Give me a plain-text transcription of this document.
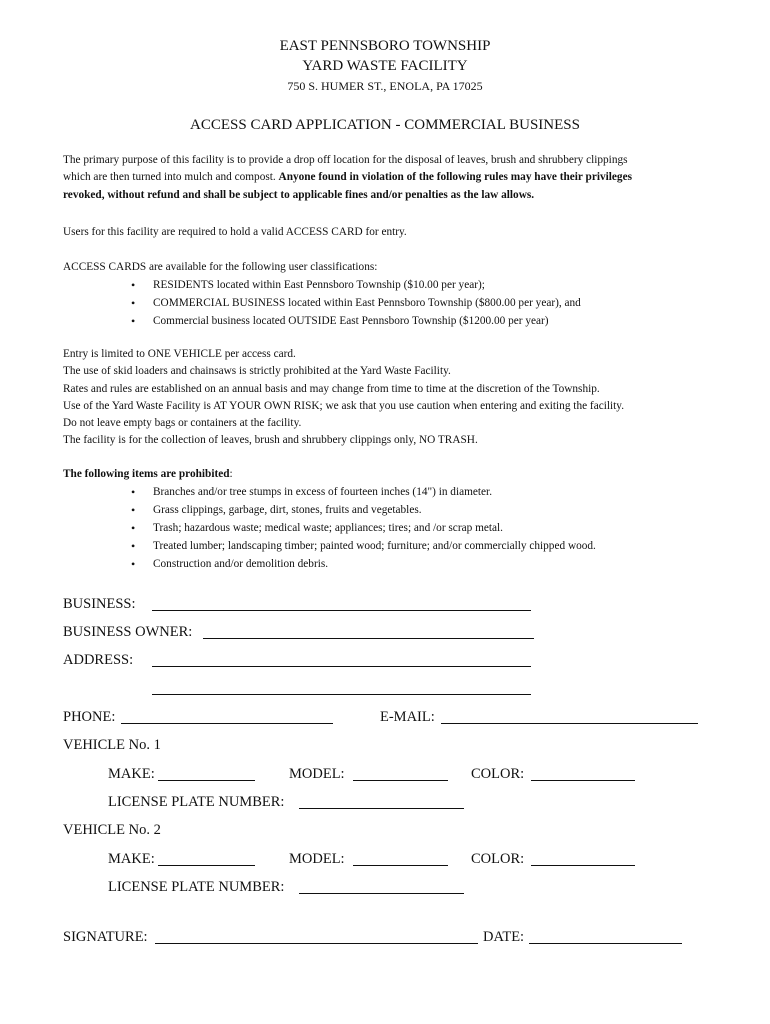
EAST PENNSBORO TOWNSHIP
YARD WASTE FACILITY
750 S. HUMER ST., ENOLA, PA 17025
ACCESS CARD APPLICATION - COMMERCIAL BUSINESS
The primary purpose of this facility is to provide a drop off location for the disposal of leaves, brush and shrubbery clippings
which are then turned into mulch and compost. Anyone found in violation of the following rules may have their privileges
revoked, without refund and shall be subject to applicable fines and/or penalties as the law allows.
Users for this facility are required to hold a valid ACCESS CARD for entry.
ACCESS CARDS are available for the following user classifications:
• RESIDENTS located within East Pennsboro Township ($10.00 per year);
• COMMERCIAL BUSINESS located within East Pennsboro Township ($800.00 per year), and
• Commercial business located OUTSIDE East Pennsboro Township ($1200.00 per year)
Entry is limited to ONE VEHICLE per access card.
The use of skid loaders and chainsaws is strictly prohibited at the Yard Waste Facility.
Rates and rules are established on an annual basis and may change from time to time at the discretion of the Township.
Use of the Yard Waste Facility is AT YOUR OWN RISK; we ask that you use caution when entering and exiting the facility.
Do not leave empty bags or containers at the facility.
The facility is for the collection of leaves, brush and shrubbery clippings only, NO TRASH.
The following items are prohibited:
• Branches and/or tree stumps in excess of fourteen inches (14") in diameter.
• Grass clippings, garbage, dirt, stones, fruits and vegetables.
• Trash; hazardous waste; medical waste; appliances; tires; and /or scrap metal.
• Treated lumber; landscaping timber; painted wood; furniture; and/or commercially chipped wood.
• Construction and/or demolition debris.
BUSINESS:
BUSINESS OWNER:
ADDRESS:
PHONE:	E-MAIL:
VEHICLE No. 1
MAKE:	MODEL:	COLOR:
LICENSE PLATE NUMBER:
VEHICLE No. 2
MAKE:	MODEL:	COLOR:
LICENSE PLATE NUMBER:
SIGNATURE:	DATE:
